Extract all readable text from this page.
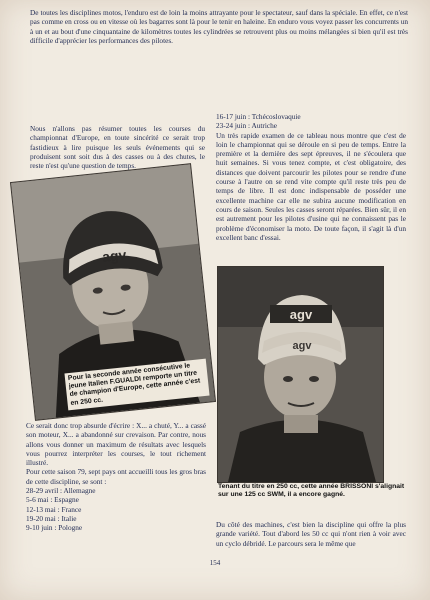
De toutes les disciplines motos, l'enduro est de loin la moins attrayante pour le spectateur, sauf dans la spéciale. En effet, ce n'est pas comme en cross ou en vitesse où les bagarres sont là pour le tenir en haleine. En enduro vous voyez passer les concurrents un à un et au bout d'une cinquantaine de kilomètres toutes les cylindrées se retrouvent plus ou moins mélangées si bien qu'il est très difficile d'apprécier les performances des pilotes.

Nous n'allons pas résumer toutes les courses du championnat d'Europe, en toute sincérité ce serait trop fastidieux à lire puisque les seuls événements qui se produisent sont soit dus à des casses ou à des chutes, le reste n'est qu'une question de temps.

16-17 juin : Tchécoslovaquie
23-24 juin : Autriche

Un très rapide examen de ce tableau nous montre que c'est de loin le championnat qui se déroule en si peu de temps. Entre la première et la dernière des sept épreuves, il ne s'écoulera que huit semaines. Si vous tenez compte, et c'est obligatoire, des distances que doivent parcourir les pilotes pour se rendre d'une course à l'autre on se rend vite compte qu'il reste très peu de temps de libre. Il est donc indispensable de posséder une excellente machine car elle ne subira aucune modification en cours de saison. Seules les casses seront réparées. Bien sûr, il en est autrement pour les pilotes d'usine qui ne connaissent pas le problème d'économiser la moto. De toute façon, il s'agit là d'un excellent banc d'essai.

agv
Pour la seconde année consécutive le jeune Italien F.GUALDI remporte un titre de champion d'Europe, cette année c'est en 250 cc.
agv
agv
Tenant du titre en 250 cc, cette année BRISSONI s'alignait sur une 125 cc SWM, il a encore gagné.

Ce serait donc trop absurde d'écrire : X... a chuté, Y... a cassé son moteur, X... a abandonné sur crevaison. Par contre, nous allons vous donner un maximum de résultats avec lesquels vous pourrez interpréter les courses, le tout richement illustré.

Pour cette saison 79, sept pays ont accueilli tous les gros bras de cette discipline, se sont :

28-29 avril : Allemagne
5-6 mai : Espagne
12-13 mai : France
19-20 mai : Italie
9-10 juin : Pologne	Du côté des machines, c'est bien la discipline qui offre la plus grande variété. Tout d'abord les 50 cc qui n'ont rien à voir avec un cyclo débridé. Le parcours sera le même que

154
